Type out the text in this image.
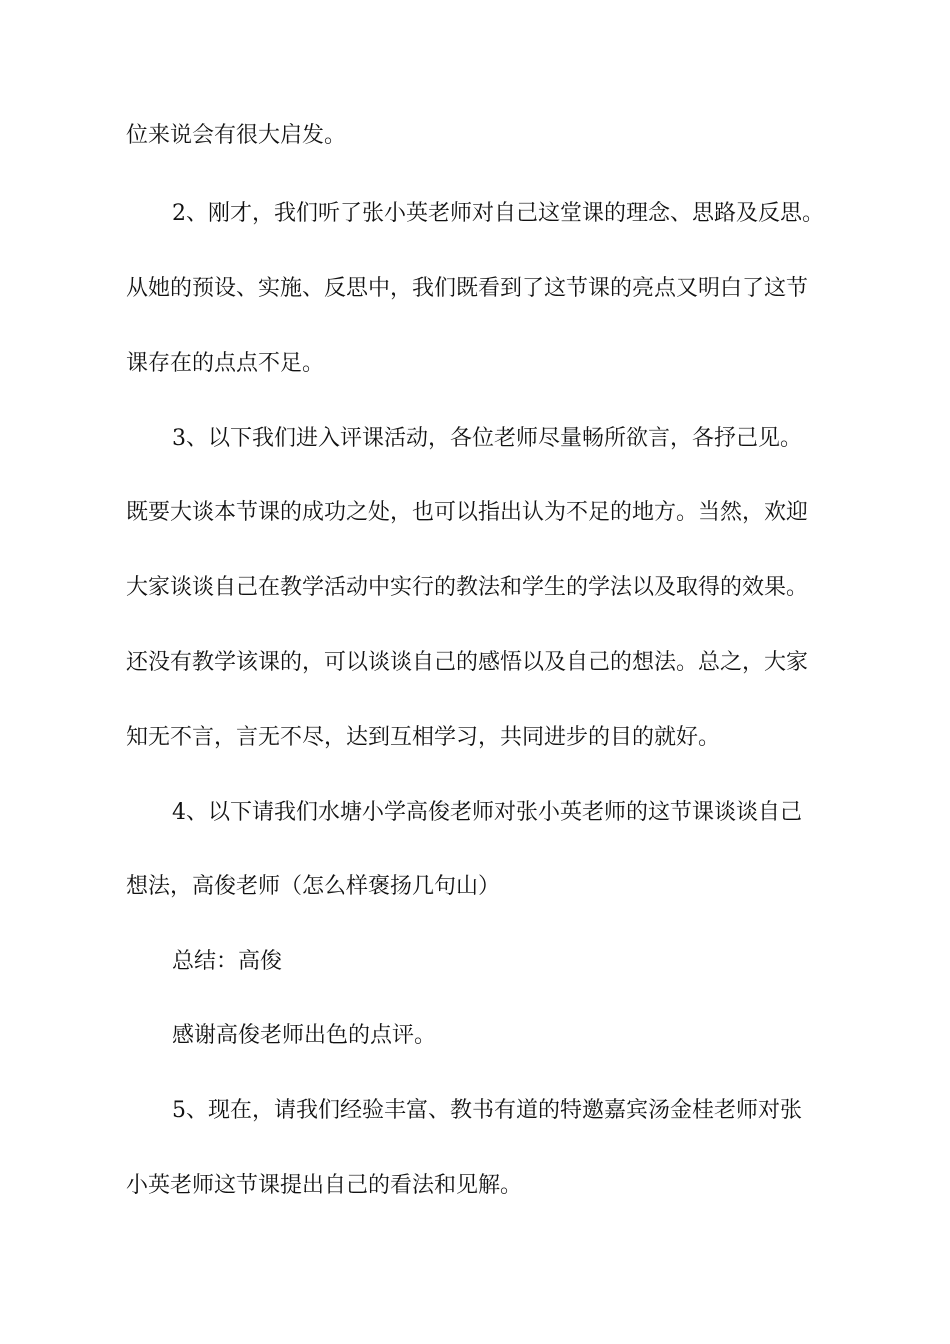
位来说会有很大启发。

2、刚才，我们听了张小英老师对自己这堂课的理念、思路及反思。

从她的预设、实施、反思中，我们既看到了这节课的亮点又明白了这节

课存在的点点不足。

3、以下我们进入评课活动，各位老师尽量畅所欲言，各抒己见。

既要大谈本节课的成功之处，也可以指出认为不足的地方。当然，欢迎

大家谈谈自己在教学活动中实行的教法和学生的学法以及取得的效果。

还没有教学该课的，可以谈谈自己的感悟以及自己的想法。总之，大家

知无不言，言无不尽，达到互相学习，共同进步的目的就好。

4、以下请我们水塘小学高俊老师对张小英老师的这节课谈谈自己

想法，高俊老师（怎么样褒扬几句山）

总结：高俊

感谢高俊老师出色的点评。

5、现在，请我们经验丰富、教书有道的特邀嘉宾汤金桂老师对张

小英老师这节课提出自己的看法和见解。
